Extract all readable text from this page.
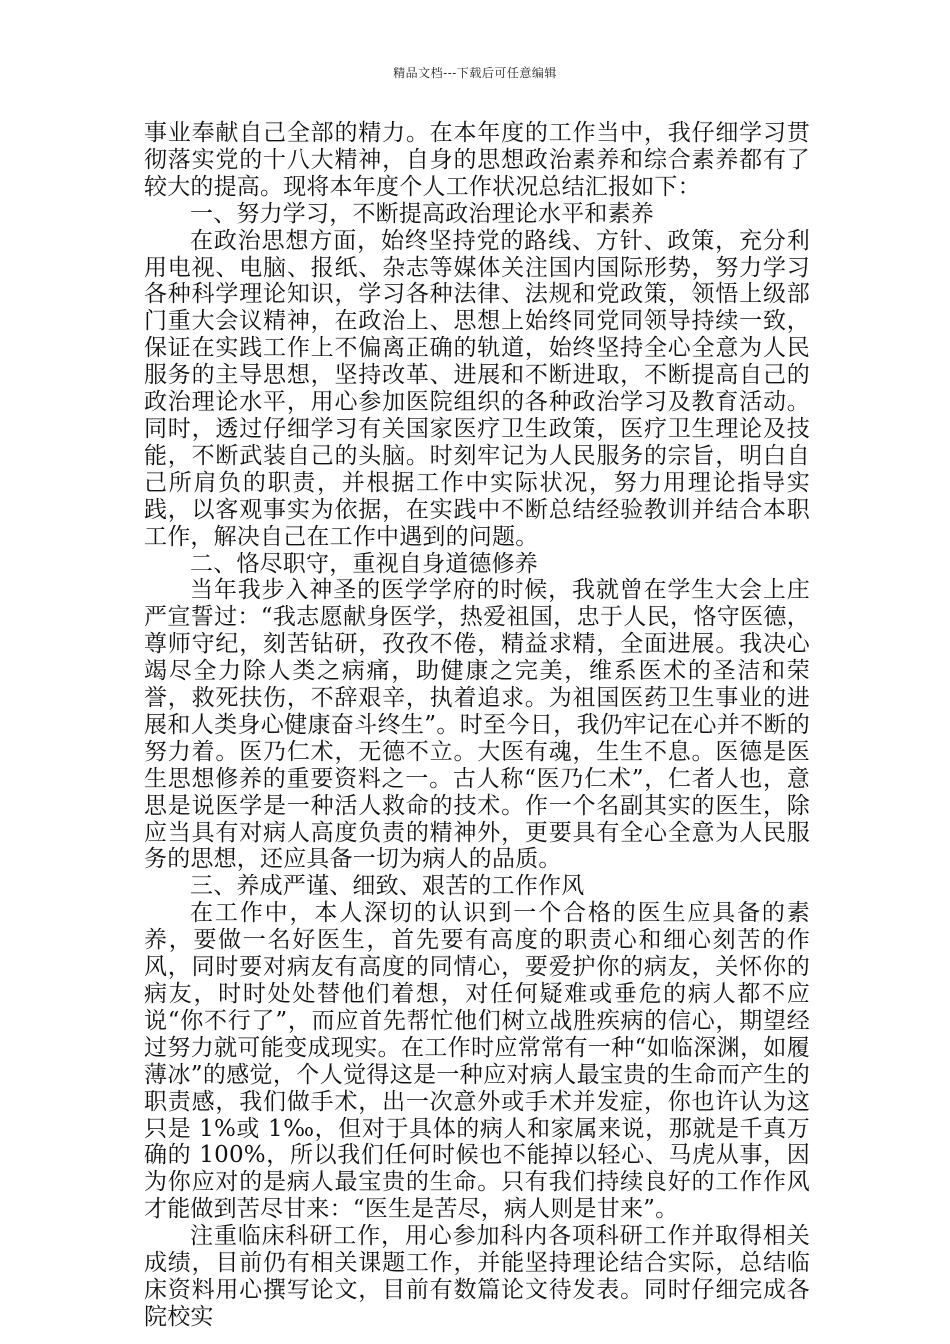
精品文档---下载后可任意编辑

事业奉献自己全部的精力。在本年度的工作当中，我仔细学习贯彻落实党的十八大精神，自身的思想政治素养和综合素养都有了较大的提高。现将本年度个人工作状况总结汇报如下：

一、努力学习，不断提高政治理论水平和素养

在政治思想方面，始终坚持党的路线、方针、政策，充分利用电视、电脑、报纸、杂志等媒体关注国内国际形势，努力学习各种科学理论知识，学习各种法律、法规和党政策，领悟上级部门重大会议精神，在政治上、思想上始终同党同领导持续一致，保证在实践工作上不偏离正确的轨道，始终坚持全心全意为人民服务的主导思想，坚持改革、进展和不断进取，不断提高自己的政治理论水平，用心参加医院组织的各种政治学习及教育活动。同时，透过仔细学习有关国家医疗卫生政策，医疗卫生理论及技能，不断武装自己的头脑。时刻牢记为人民服务的宗旨，明白自己所肩负的职责，并根据工作中实际状况，努力用理论指导实践，以客观事实为依据，在实践中不断总结经验教训并结合本职工作，解决自己在工作中遇到的问题。

二、恪尽职守，重视自身道德修养

当年我步入神圣的医学学府的时候，我就曾在学生大会上庄严宣誓过：“我志愿献身医学，热爱祖国，忠于人民，恪守医德，尊师守纪，刻苦钻研，孜孜不倦，精益求精，全面进展。我决心竭尽全力除人类之病痛，助健康之完美，维系医术的圣洁和荣誉，救死扶伤，不辞艰辛，执着追求。为祖国医药卫生事业的进展和人类身心健康奋斗终生”。时至今日，我仍牢记在心并不断的努力着。医乃仁术，无德不立。大医有魂，生生不息。医德是医生思想修养的重要资料之一。古人称“医乃仁术”，仁者人也，意思是说医学是一种活人救命的技术。作一个名副其实的医生，除应当具有对病人高度负责的精神外，更要具有全心全意为人民服务的思想，还应具备一切为病人的品质。

三、养成严谨、细致、艰苦的工作作风

在工作中，本人深切的认识到一个合格的医生应具备的素养，要做一名好医生，首先要有高度的职责心和细心刻苦的作风，同时要对病友有高度的同情心，要爱护你的病友，关怀你的病友，时时处处替他们着想，对任何疑难或垂危的病人都不应说“你不行了”，而应首先帮忙他们树立战胜疾病的信心，期望经过努力就可能变成现实。在工作时应常常有一种“如临深渊，如履薄冰”的感觉，个人觉得这是一种应对病人最宝贵的生命而产生的职责感，我们做手术，出一次意外或手术并发症，你也许认为这只是 1%或 1‰，但对于具体的病人和家属来说，那就是千真万确的 100%，所以我们任何时候也不能掉以轻心、马虎从事，因为你应对的是病人最宝贵的生命。只有我们持续良好的工作作风才能做到苦尽甘来：“医生是苦尽，病人则是甘来”。

注重临床科研工作，用心参加科内各项科研工作并取得相关成绩，目前仍有相关课题工作，并能坚持理论结合实际，总结临床资料用心撰写论文，目前有数篇论文待发表。同时仔细完成各院校实
